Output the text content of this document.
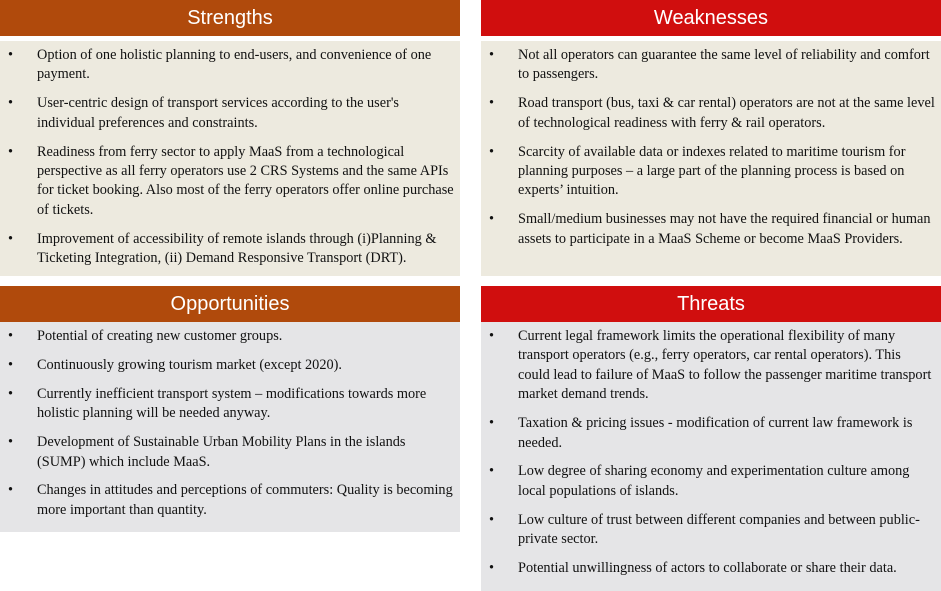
Strengths
• Option of one holistic planning to end-users, and convenience of one payment.
• User-centric design of transport services according to the user's individual preferences and constraints.
• Readiness from ferry sector to apply MaaS from a technological perspective as all ferry operators use 2 CRS Systems and the same APIs for ticket booking. Also most of the ferry operators offer online purchase of tickets.
• Improvement of accessibility of remote islands through (i)Planning & Ticketing Integration, (ii) Demand Responsive Transport (DRT).
Weaknesses
• Not all operators can guarantee the same level of reliability and comfort to passengers.
• Road transport (bus, taxi & car rental) operators are not at the same level of technological readiness with ferry & rail operators.
• Scarcity of available data or indexes related to maritime tourism for planning purposes – a large part of the planning process is based on experts’ intuition.
• Small/medium businesses may not have the required financial or human assets to participate in a MaaS Scheme or become MaaS Providers.
Opportunities
• Potential of creating new customer groups.
• Continuously growing tourism market (except 2020).
• Currently inefficient transport system – modifications towards more holistic planning will be needed anyway.
• Development of Sustainable Urban Mobility Plans in the islands (SUMP) which include MaaS.
• Changes in attitudes and perceptions of commuters: Quality is becoming more important than quantity.
Threats
• Current legal framework limits the operational flexibility of many transport operators (e.g., ferry operators, car rental operators). This could lead to failure of MaaS to follow the passenger maritime transport market demand trends.
• Taxation & pricing issues - modification of current law framework is needed.
• Low degree of sharing economy and experimentation culture among local populations of islands.
• Low culture of trust between different companies and between public-private sector.
• Potential unwillingness of actors to collaborate or share their data.
